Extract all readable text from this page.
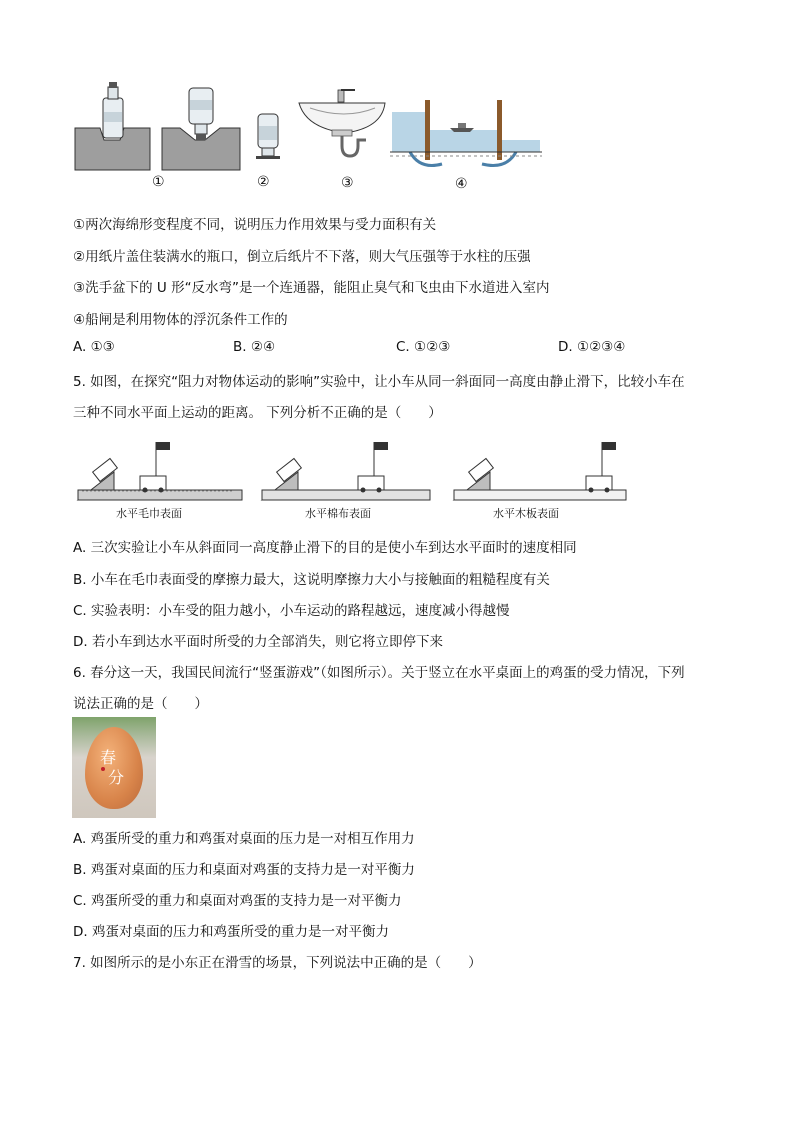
①	②	③	④
①两次海绵形变程度不同，说明压力作用效果与受力面积有关
②用纸片盖住装满水的瓶口，倒立后纸片不下落，则大气压强等于水柱的压强
③洗手盆下的 U 形“反水弯”是一个连通器，能阻止臭气和飞虫由下水道进入室内
④船闸是利用物体的浮沉条件工作的
A. ①③	B. ②④	C. ①②③	D. ①②③④
5. 如图，在探究“阻力对物体运动的影响”实验中，让小车从同一斜面同一高度由静止滑下，比较小车在
三种不同水平面上运动的距离。 下列分析不正确的是（　　）
水平毛巾表面	水平棉布表面	水平木板表面
A. 三次实验让小车从斜面同一高度静止滑下的目的是使小车到达水平面时的速度相同
B. 小车在毛巾表面受的摩擦力最大，这说明摩擦力大小与接触面的粗糙程度有关
C. 实验表明：小车受的阻力越小，小车运动的路程越远，速度减小得越慢
D. 若小车到达水平面时所受的力全部消失，则它将立即停下来
6. 春分这一天，我国民间流行“竖蛋游戏”（如图所示）。关于竖立在水平桌面上的鸡蛋的受力情况，下列
说法正确的是（　　）
春
分
A. 鸡蛋所受的重力和鸡蛋对桌面的压力是一对相互作用力
B. 鸡蛋对桌面的压力和桌面对鸡蛋的支持力是一对平衡力
C. 鸡蛋所受的重力和桌面对鸡蛋的支持力是一对平衡力
D. 鸡蛋对桌面的压力和鸡蛋所受的重力是一对平衡力
7. 如图所示的是小东正在滑雪的场景，下列说法中正确的是（　　）
